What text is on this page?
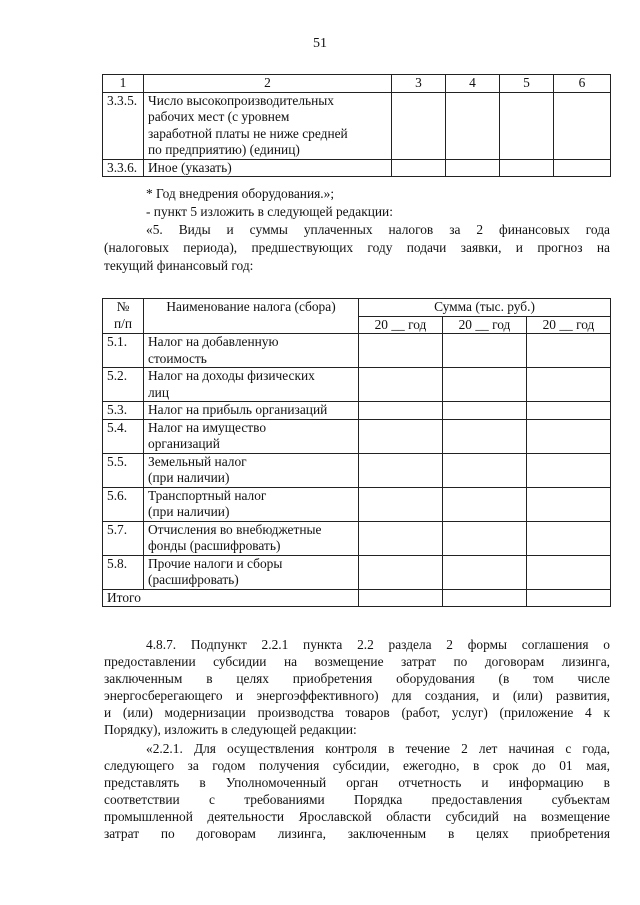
51
1	2	3	4	5	6
3.3.5.	Число высокопроизводительных
рабочих мест (с уровнем
заработной платы не ниже средней
по предприятию) (единиц)				

3.3.6.	Иное (указать)				
* Год внедрения оборудования.»;
- пункт 5 изложить в следующей редакции:
«5. Виды и суммы уплаченных налогов за 2 финансовых года
(налоговых периода), предшествующих году подачи заявки, и прогноз на
текущий финансовый год:
№
п/п	Наименование налога (сбора)	Сумма (тыс. руб.)		
		20 __ год	20 __ год	20 __ год
5.1.	Налог на добавленную
стоимость			

5.2.	Налог на доходы физических
лиц			

5.3.	Налог на прибыль организаций			

5.4.	Налог на имущество
организаций			

5.5.	Земельный налог
(при наличии)			

5.6.	Транспортный налог
(при наличии)			

5.7.	Отчисления во внебюджетные
фонды (расшифровать)			

5.8.	Прочие налоги и сборы
(расшифровать)			

Итого				
4.8.7. Подпункт 2.2.1 пункта 2.2 раздела 2 формы соглашения о
предоставлении субсидии на возмещение затрат по договорам лизинга,
заключенным в целях приобретения оборудования (в том числе
энергосберегающего и энергоэффективного) для создания, и (или) развития,
и (или) модернизации производства товаров (работ, услуг) (приложение 4 к
Порядку), изложить в следующей редакции:
«2.2.1. Для осуществления контроля в течение 2 лет начиная с года,
следующего за годом получения субсидии, ежегодно, в срок до 01 мая,
представлять в Уполномоченный орган отчетность и информацию в
соответствии с требованиями Порядка предоставления субъектам
промышленной деятельности Ярославской области субсидий на возмещение
затрат по договорам лизинга, заключенным в целях приобретения
